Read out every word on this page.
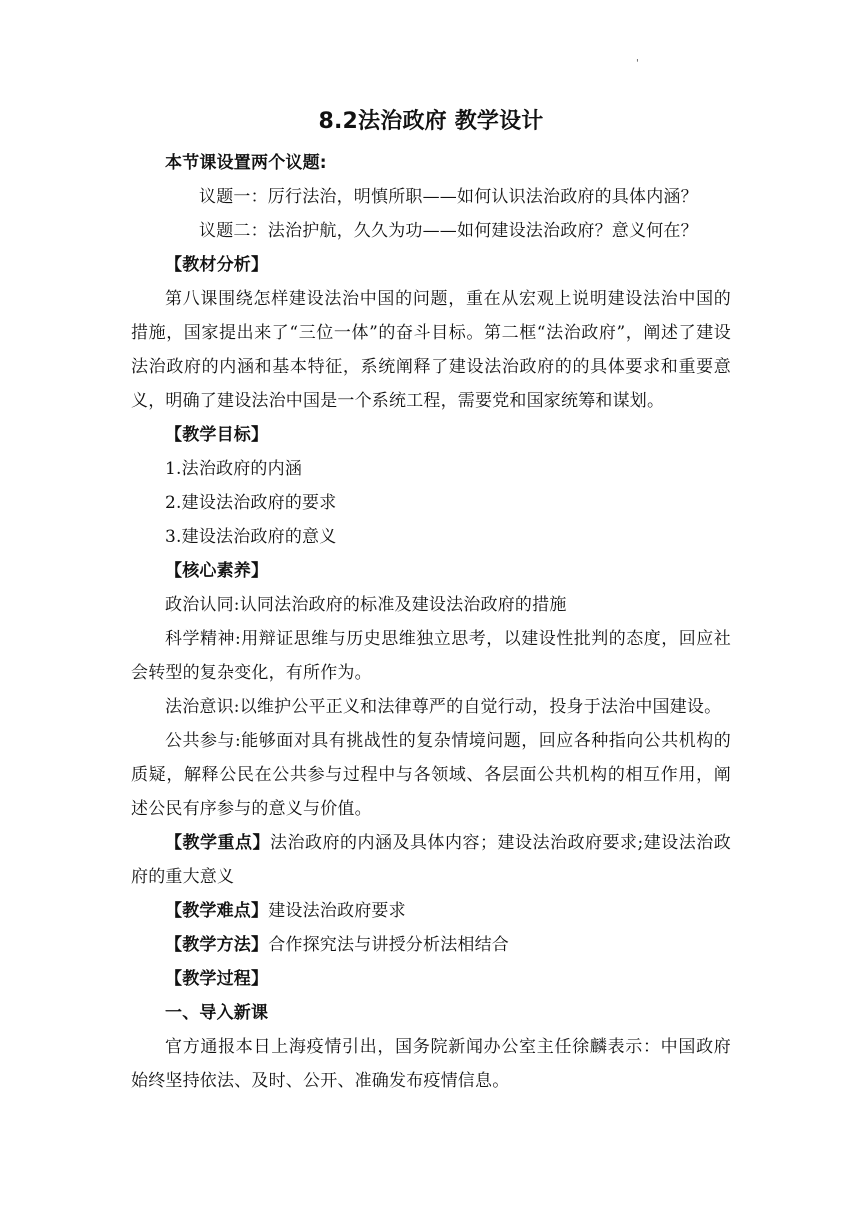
'
8.2法治政府 教学设计
本节课设置两个议题:
议题一：厉行法治，明慎所职——如何认识法治政府的具体内涵？
议题二：法治护航，久久为功——如何建设法治政府？意义何在？
【教材分析】
第八课围绕怎样建设法治中国的问题，重在从宏观上说明建设法治中国的措施，国家提出来了“三位一体”的奋斗目标。第二框“法治政府”，阐述了建设法治政府的内涵和基本特征，系统阐释了建设法治政府的的具体要求和重要意义，明确了建设法治中国是一个系统工程，需要党和国家统筹和谋划。
【教学目标】
1.法治政府的内涵
2.建设法治政府的要求
3.建设法治政府的意义
【核心素养】
政治认同:认同法治政府的标准及建设法治政府的措施
科学精神:用辩证思维与历史思维独立思考，以建设性批判的态度，回应社会转型的复杂变化，有所作为。
法治意识:以维护公平正义和法律尊严的自觉行动，投身于法治中国建设。
公共参与:能够面对具有挑战性的复杂情境问题，回应各种指向公共机构的质疑，解释公民在公共参与过程中与各领域、各层面公共机构的相互作用，阐述公民有序参与的意义与价值。
【教学重点】法治政府的内涵及具体内容；建设法治政府要求;建设法治政府的重大意义
【教学难点】建设法治政府要求
【教学方法】合作探究法与讲授分析法相结合
【教学过程】
一、导入新课
官方通报本日上海疫情引出，国务院新闻办公室主任徐麟表示：中国政府始终坚持依法、及时、公开、准确发布疫情信息。
